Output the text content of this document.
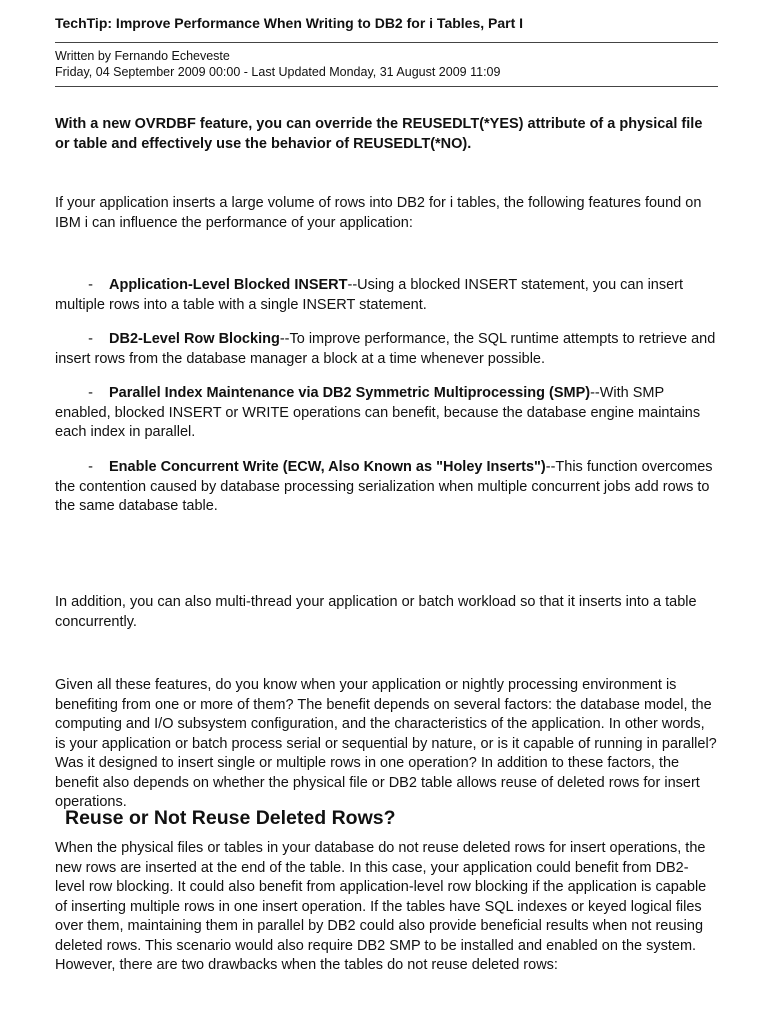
TechTip: Improve Performance When Writing to DB2 for i Tables, Part I
Written by Fernando Echeveste
Friday, 04 September 2009 00:00 - Last Updated Monday, 31 August 2009 11:09
With a new OVRDBF feature, you can override the REUSEDLT(*YES) attribute of a physical file or table and effectively use the behavior of REUSEDLT(*NO).
If your application inserts a large volume of rows into DB2 for i tables, the following features found on IBM i can influence the performance of your application:
- Application-Level Blocked INSERT--Using a blocked INSERT statement, you can insert multiple rows into a table with a single INSERT statement.
- DB2-Level Row Blocking--To improve performance, the SQL runtime attempts to retrieve and insert rows from the database manager a block at a time whenever possible.
- Parallel Index Maintenance via DB2 Symmetric Multiprocessing (SMP)--With SMP enabled, blocked INSERT or WRITE operations can benefit, because the database engine maintains each index in parallel.
- Enable Concurrent Write (ECW, Also Known as "Holey Inserts")--This function overcomes the contention caused by database processing serialization when multiple concurrent jobs add rows to the same database table.
In addition, you can also multi-thread your application or batch workload so that it inserts into a table concurrently.
Given all these features, do you know when your application or nightly processing environment is benefiting from one or more of them? The benefit depends on several factors: the database model, the computing and I/O subsystem configuration, and the characteristics of the application. In other words, is your application or batch process serial or sequential by nature, or is it capable of running in parallel? Was it designed to insert single or multiple rows in one operation? In addition to these factors, the benefit also depends on whether the physical file or DB2 table allows reuse of deleted rows for insert operations.
Reuse or Not Reuse Deleted Rows?
When the physical files or tables in your database do not reuse deleted rows for insert operations, the new rows are inserted at the end of the table. In this case, your application could benefit from DB2-level row blocking. It could also benefit from application-level row blocking if the application is capable of inserting multiple rows in one insert operation. If the tables have SQL indexes or keyed logical files over them, maintaining them in parallel by DB2 could also provide beneficial results when not reusing deleted rows. This scenario would also require DB2 SMP to be installed and enabled on the system. However, there are two drawbacks when the tables do not reuse deleted rows:
